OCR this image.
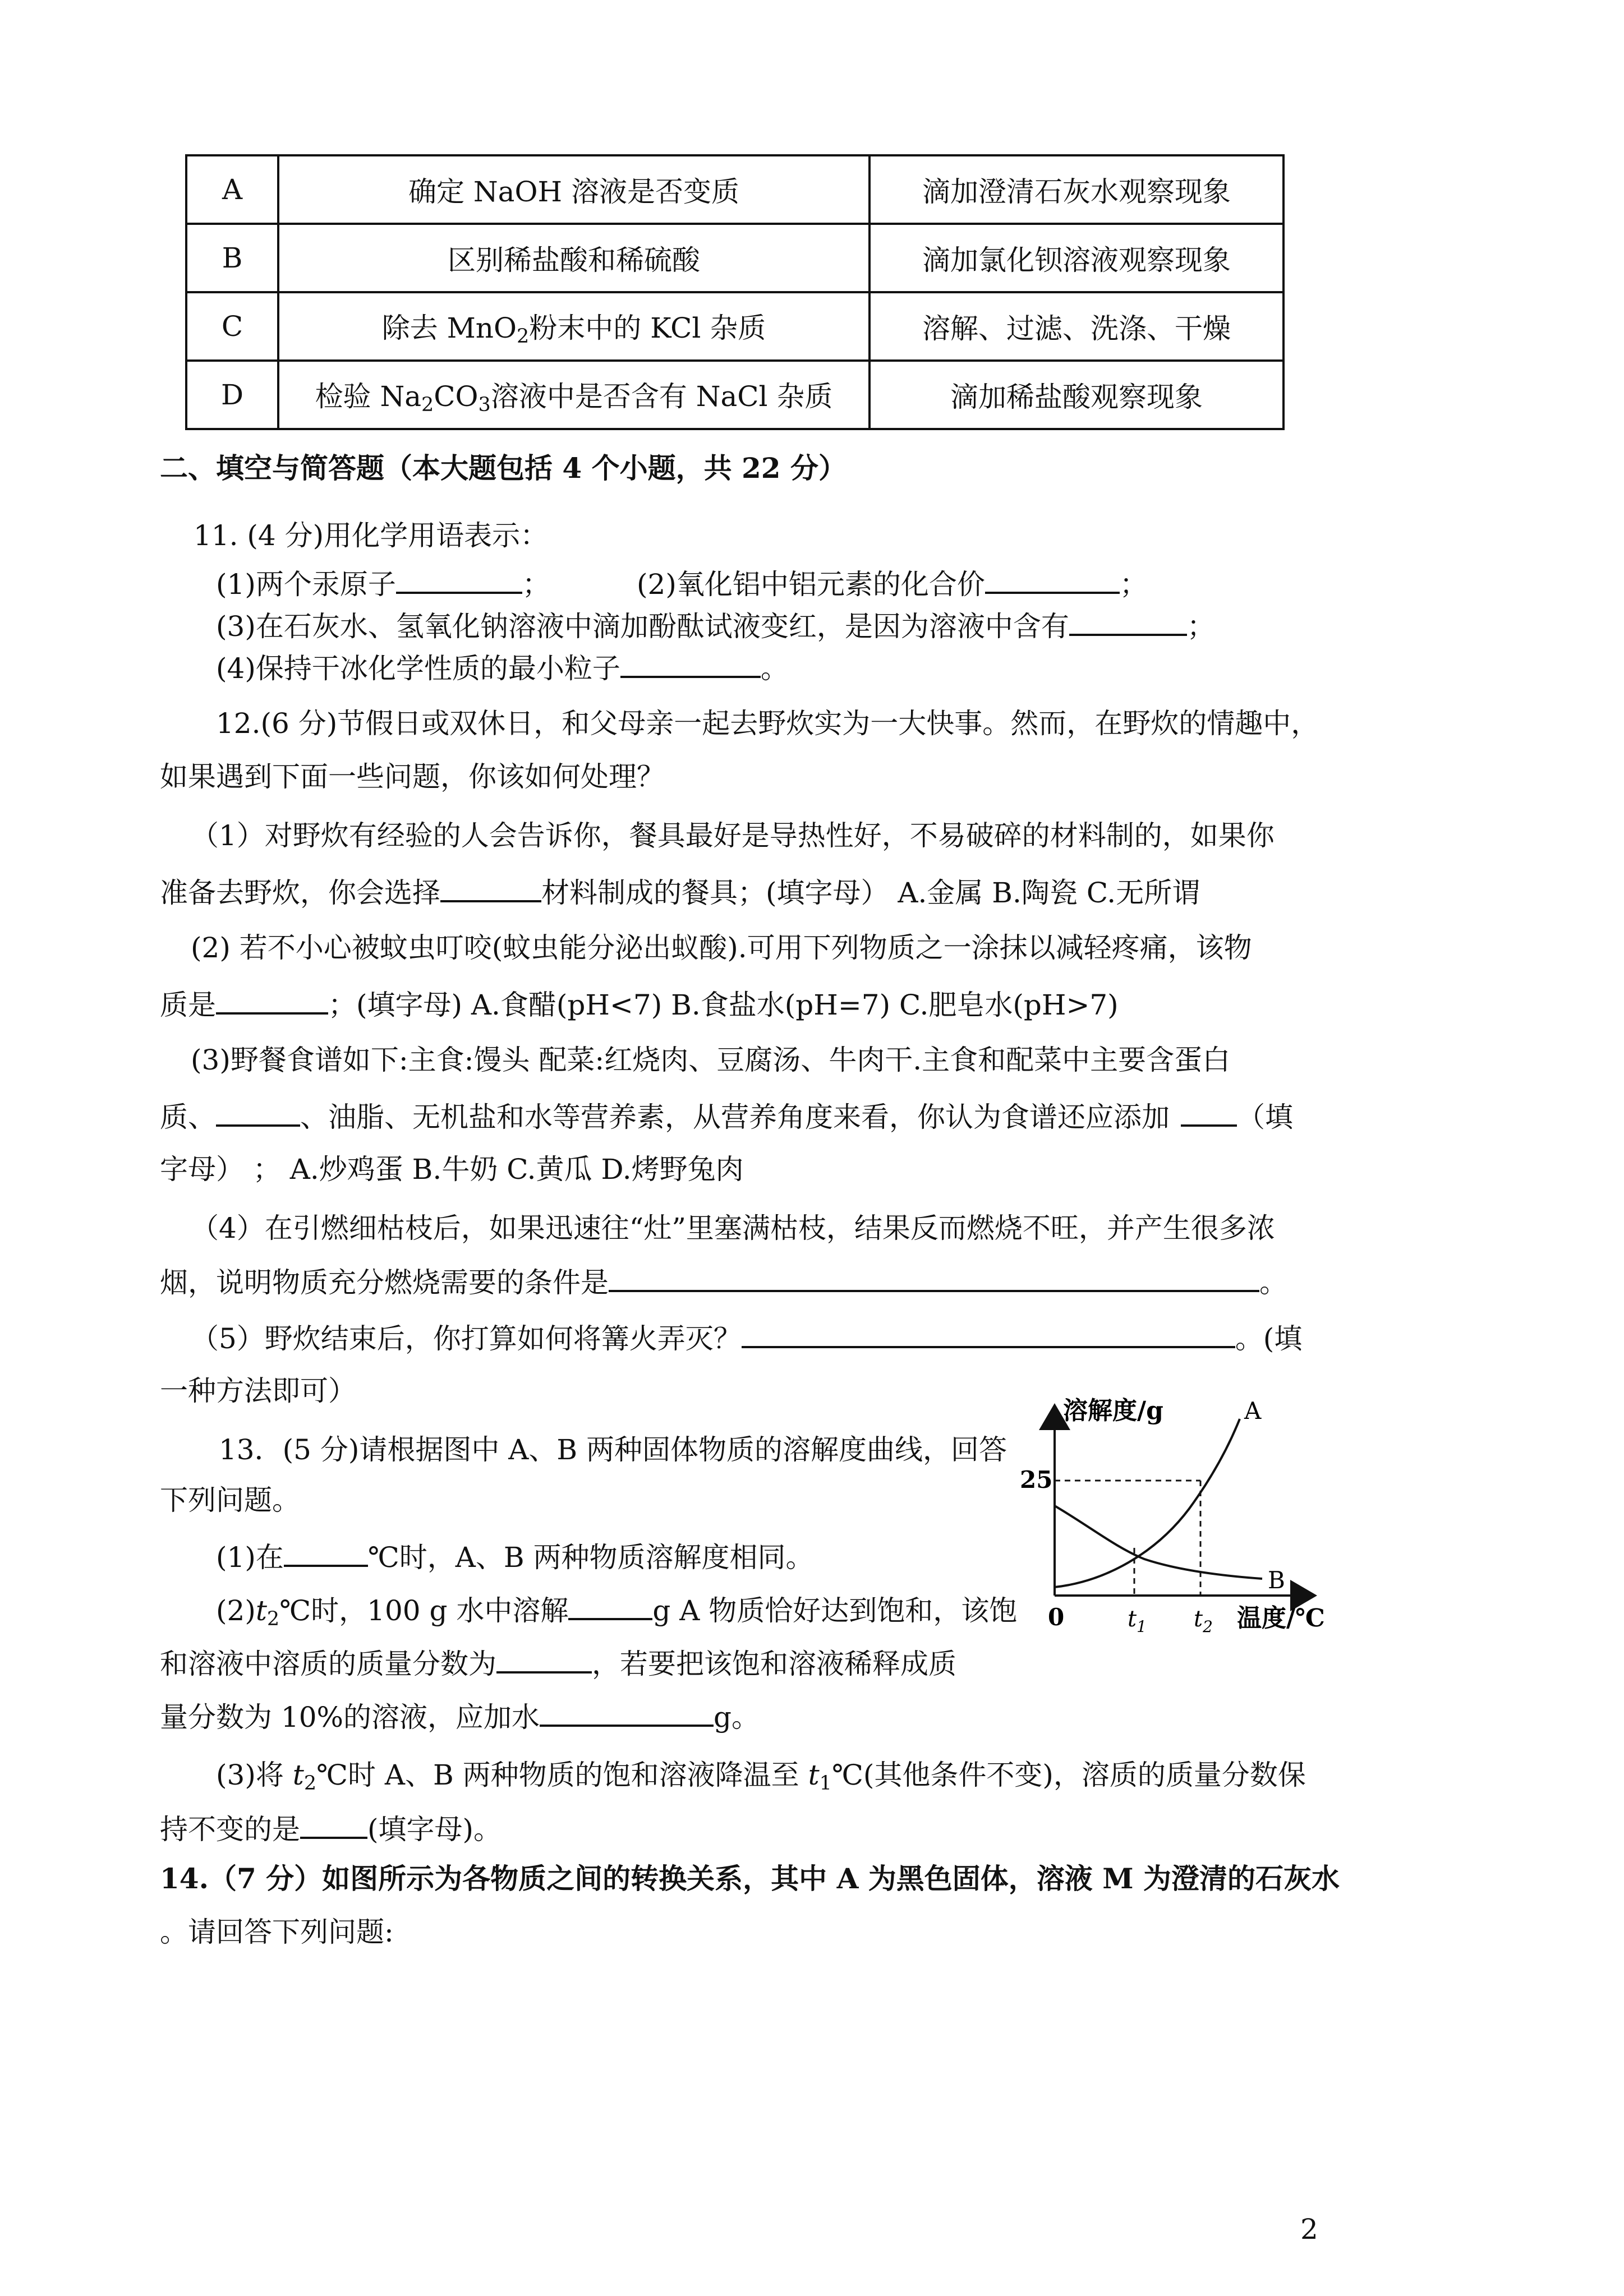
A	确定 NaOH 溶液是否变质	滴加澄清石灰水观察现象
B	区别稀盐酸和稀硫酸	滴加氯化钡溶液观察现象
C	除去 MnO$_2$粉末中的 KCl 杂质	溶解、过滤、洗涤、干燥
D	检验 $Na_2CO_3$溶液中是否含有 NaCl 杂质	滴加稀盐酸观察现象
二、填空与简答题（本大题包括 4 个小题，共 22 分）
11. (4 分)用化学用语表示：
(1)两个汞原子	；	(2)氧化铝中铝元素的化合价	；
(3)在石灰水、氢氧化钠溶液中滴加酚酞试液变红，是因为溶液中含有	；
(4)保持干冰化学性质的最小粒子	。
12.(6 分)节假日或双休日，和父母亲一起去野炊实为一大快事。然而，在野炊的情趣中，
如果遇到下面一些问题，你该如何处理？
（1）对野炊有经验的人会告诉你，餐具最好是导热性好，不易破碎的材料制的，如果你
准备去野炊，你会选择	材料制成的餐具；(填字母） A.金属 B.陶瓷 C.无所谓
(2) 若不小心被蚊虫叮咬(蚊虫能分泌出蚁酸).可用下列物质之一涂抹以减轻疼痛，该物
质是	；(填字母) A.食醋(pH<7) B.食盐水(pH=7) C.肥皂水(pH>7)
(3)野餐食谱如下:主食:馒头 配菜:红烧肉、豆腐汤、牛肉干.主食和配菜中主要含蛋白
质、	、油脂、无机盐和水等营养素，从营养角度来看，你认为食谱还应添加 （填
字母） ； A.炒鸡蛋 B.牛奶 C.黄瓜 D.烤野兔肉
（4）在引燃细枯枝后，如果迅速往“灶”里塞满枯枝，结果反而燃烧不旺，并产生很多浓
烟，说明物质充分燃烧需要的条件是	。
（5）野炊结束后，你打算如何将篝火弄灭？	。(填
一种方法即可）
13．(5 分)请根据图中 A、B 两种固体物质的溶解度曲线，回答
下列问题。
(1)在	℃时，A、B 两种物质溶解度相同。
$(2)t_2℃$时，100 g 水中溶解	g A 物质恰好达到饱和，该饱
和溶液中溶质的质量分数为	，若要把该饱和溶液稀释成质
量分数为 10%的溶液，应加水	g。
(3)将 $t_2℃$时 A、B 两种物质的饱和溶液降温至 $t_1℃$(其他条件不变)，溶质的质量分数保
持不变的是 (填字母)。
14.（7 分）如图所示为各物质之间的转换关系，其中 A 为黑色固体，溶液 M 为澄清的石灰水
。请回答下列问题:
溶解度/g
温度/℃
0
25
A
B
$t_1$ $t_2$
2
